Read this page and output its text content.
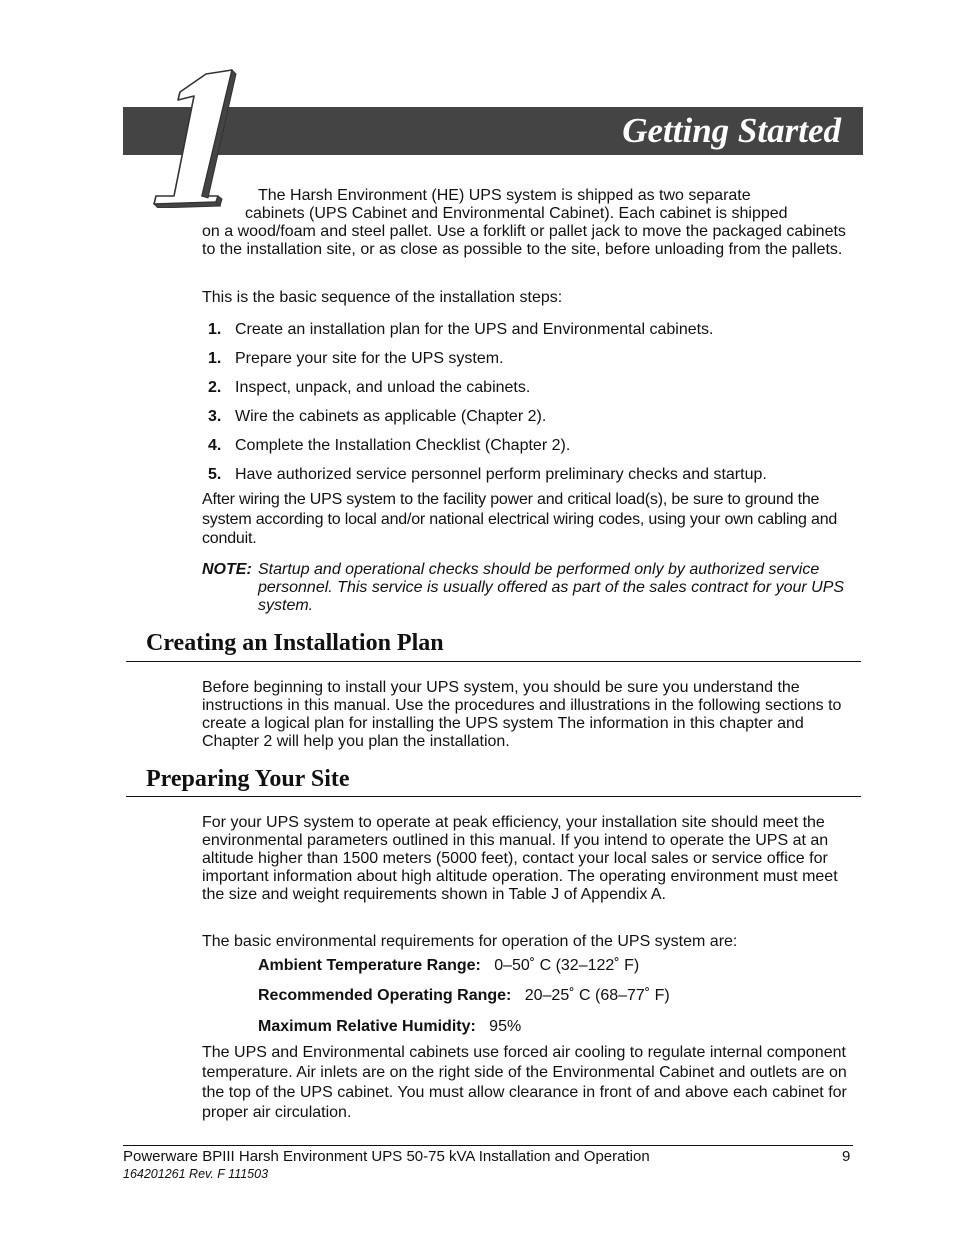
Getting Started
The Harsh Environment (HE) UPS system is shipped as two separate
cabinets (UPS Cabinet and Environmental Cabinet). Each cabinet is shipped
on a wood/foam and steel pallet. Use a forklift or pallet jack to move the packaged cabinets to the installation site, or as close as possible to the site, before unloading from the pallets.
This is the basic sequence of the installation steps:
1. Create an installation plan for the UPS and Environmental cabinets.
1. Prepare your site for the UPS system.
2. Inspect, unpack, and unload the cabinets.
3. Wire the cabinets as applicable (Chapter 2).
4. Complete the Installation Checklist (Chapter 2).
5. Have authorized service personnel perform preliminary checks and startup.
After wiring the UPS system to the facility power and critical load(s), be sure to ground the system according to local and/or national electrical wiring codes, using your own cabling and conduit.
NOTE: Startup and operational checks should be performed only by authorized service personnel. This service is usually offered as part of the sales contract for your UPS system.
Creating an Installation Plan
Before beginning to install your UPS system, you should be sure you understand the instructions in this manual. Use the procedures and illustrations in the following sections to create a logical plan for installing the UPS system The information in this chapter and Chapter 2 will help you plan the installation.
Preparing Your Site
For your UPS system to operate at peak efficiency, your installation site should meet the environmental parameters outlined in this manual. If you intend to operate the UPS at an altitude higher than 1500 meters (5000 feet), contact your local sales or service office for important information about high altitude operation. The operating environment must meet the size and weight requirements shown in Table J of Appendix A.
The basic environmental requirements for operation of the UPS system are:
Ambient Temperature Range: 0–50˚ C (32–122˚ F)
Recommended Operating Range: 20–25˚ C (68–77˚ F)
Maximum Relative Humidity: 95%
The UPS and Environmental cabinets use forced air cooling to regulate internal component temperature. Air inlets are on the right side of the Environmental Cabinet and outlets are on the top of the UPS cabinet. You must allow clearance in front of and above each cabinet for proper air circulation.
Powerware BPIII Harsh Environment UPS 50‑75 kVA Installation and Operation	9
164201261 Rev. F 111503
